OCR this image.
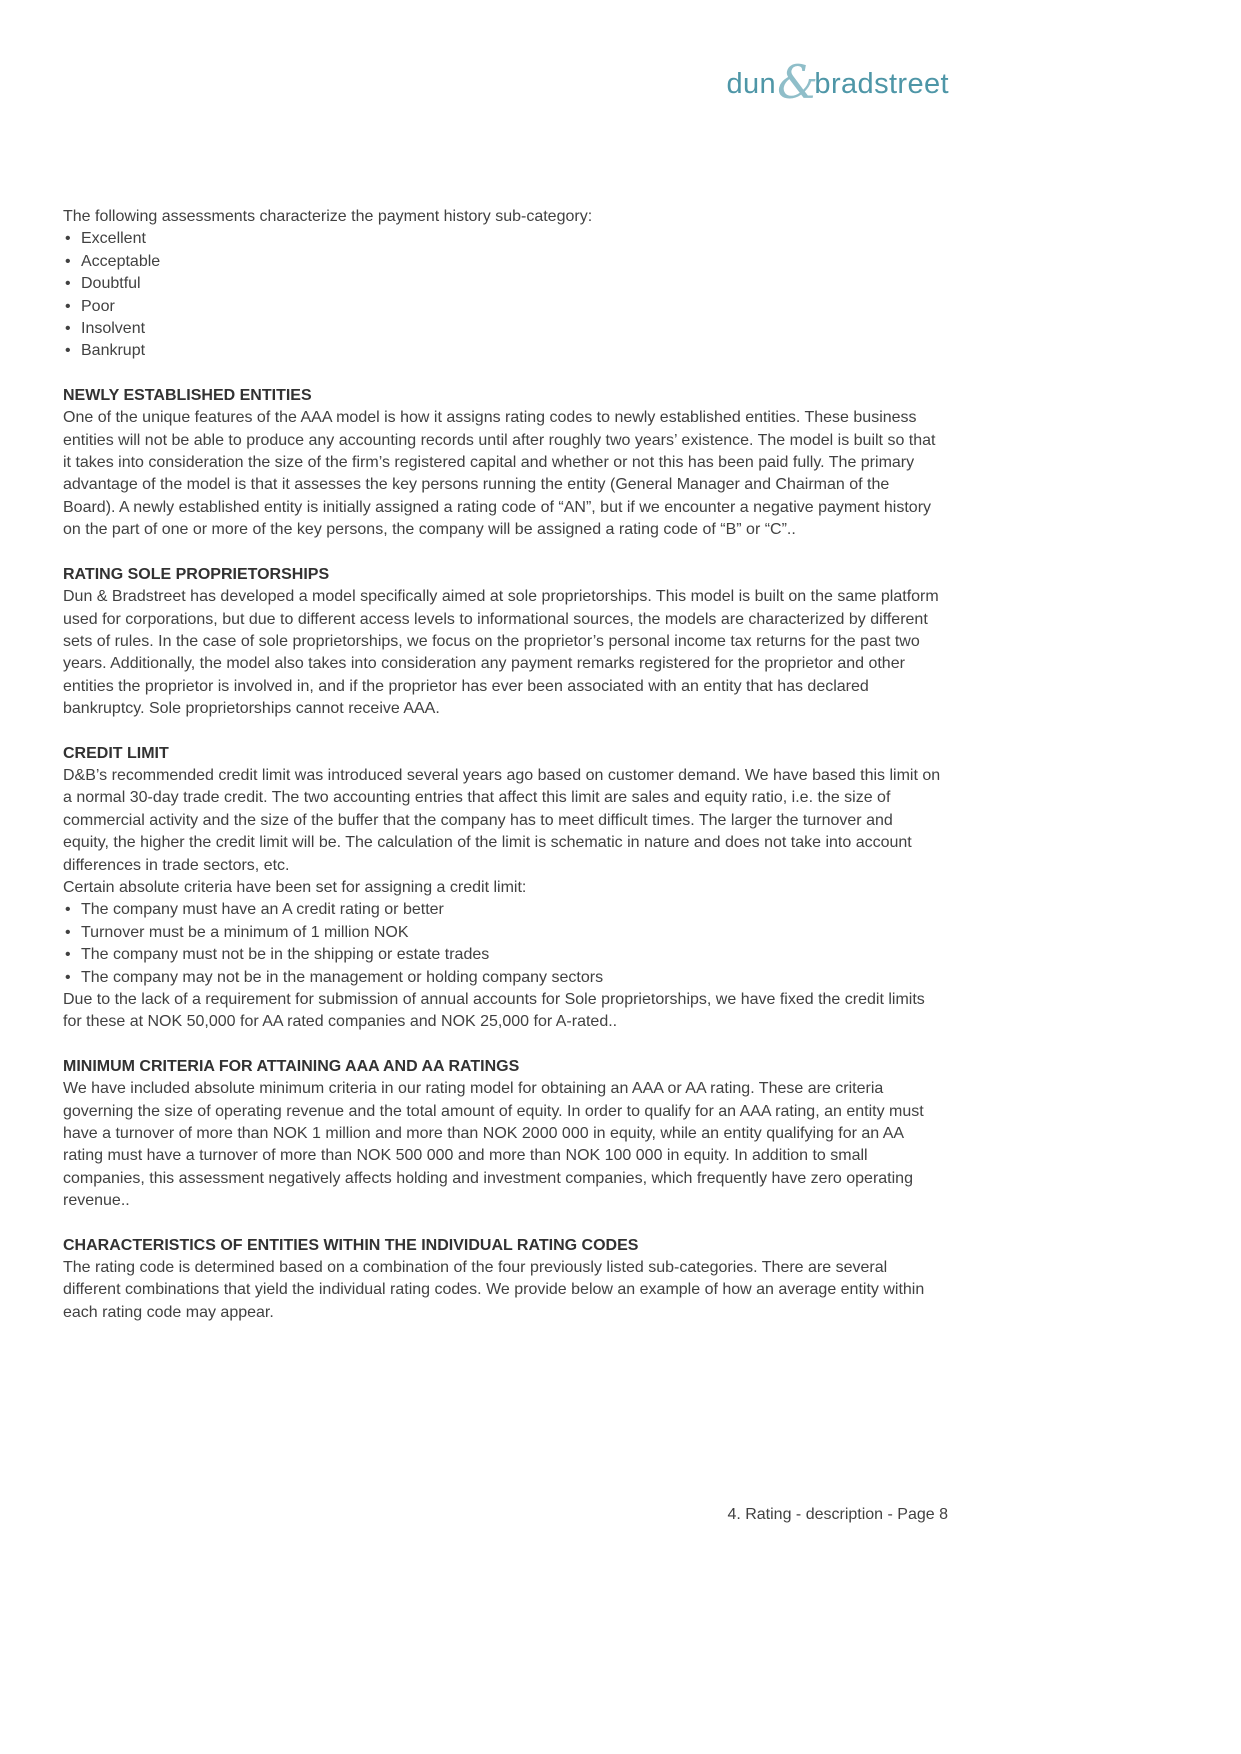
dun &
bradstreet

The following assessments characterize the payment history sub-category:

• Excellent
• Acceptable
• Doubtful
• Poor
• Insolvent
• Bankrupt
NEWLY ESTABLISHED ENTITIES

One of the unique features of the AAA model is how it assigns rating codes to newly established entities. These business entities will not be able to produce any accounting records until after roughly two years’ existence. The model is built so that it takes into consideration the size of the firm’s registered capital and whether or not this has been paid fully. The primary advantage of the model is that it assesses the key persons running the entity (General Manager and Chairman of the Board). A newly established entity is initially assigned a rating code of “AN”, but if we encounter a negative payment history on the part of one or more of the key persons, the company will be assigned a rating code of “B” or “C”..

RATING SOLE PROPRIETORSHIPS

Dun & Bradstreet has developed a model specifically aimed at sole proprietorships. This model is built on the same platform used for corporations, but due to different access levels to informational sources, the models are characterized by different sets of rules. In the case of sole proprietorships, we focus on the proprietor’s personal income tax returns for the past two years. Additionally, the model also takes into consideration any payment remarks registered for the proprietor and other entities the proprietor is involved in, and if the proprietor has ever been associated with an entity that has declared bankruptcy. Sole proprietorships cannot receive AAA.

CREDIT LIMIT

D&B’s recommended credit limit was introduced several years ago based on customer demand. We have based this limit on a normal 30-day trade credit. The two accounting entries that affect this limit are sales and equity ratio, i.e. the size of commercial activity and the size of the buffer that the company has to meet difficult times. The larger the turnover and equity, the higher the credit limit will be. The calculation of the limit is schematic in nature and does not take into account differences in trade sectors, etc.

Certain absolute criteria have been set for assigning a credit limit:

• The company must have an A credit rating or better
• Turnover must be a minimum of 1 million NOK
• The company must not be in the shipping or estate trades
• The company may not be in the management or holding company sectors

Due to the lack of a requirement for submission of annual accounts for Sole proprietorships, we have fixed the credit limits for these at NOK 50,000 for AA rated companies and NOK 25,000 for A-rated..

MINIMUM CRITERIA FOR ATTAINING AAA AND AA RATINGS

We have included absolute minimum criteria in our rating model for obtaining an AAA or AA rating. These are criteria governing the size of operating revenue and the total amount of equity. In order to qualify for an AAA rating, an entity must have a turnover of more than NOK 1 million and more than NOK 2000 000 in equity, while an entity qualifying for an AA rating must have a turnover of more than NOK 500 000 and more than NOK 100 000 in equity. In addition to small companies, this assessment negatively affects holding and investment companies, which frequently have zero operating revenue..

CHARACTERISTICS OF ENTITIES WITHIN THE INDIVIDUAL RATING CODES

The rating code is determined based on a combination of the four previously listed sub-categories. There are several different combinations that yield the individual rating codes. We provide below an example of how an average entity within each rating code may appear.

4. Rating - description - Page 8
